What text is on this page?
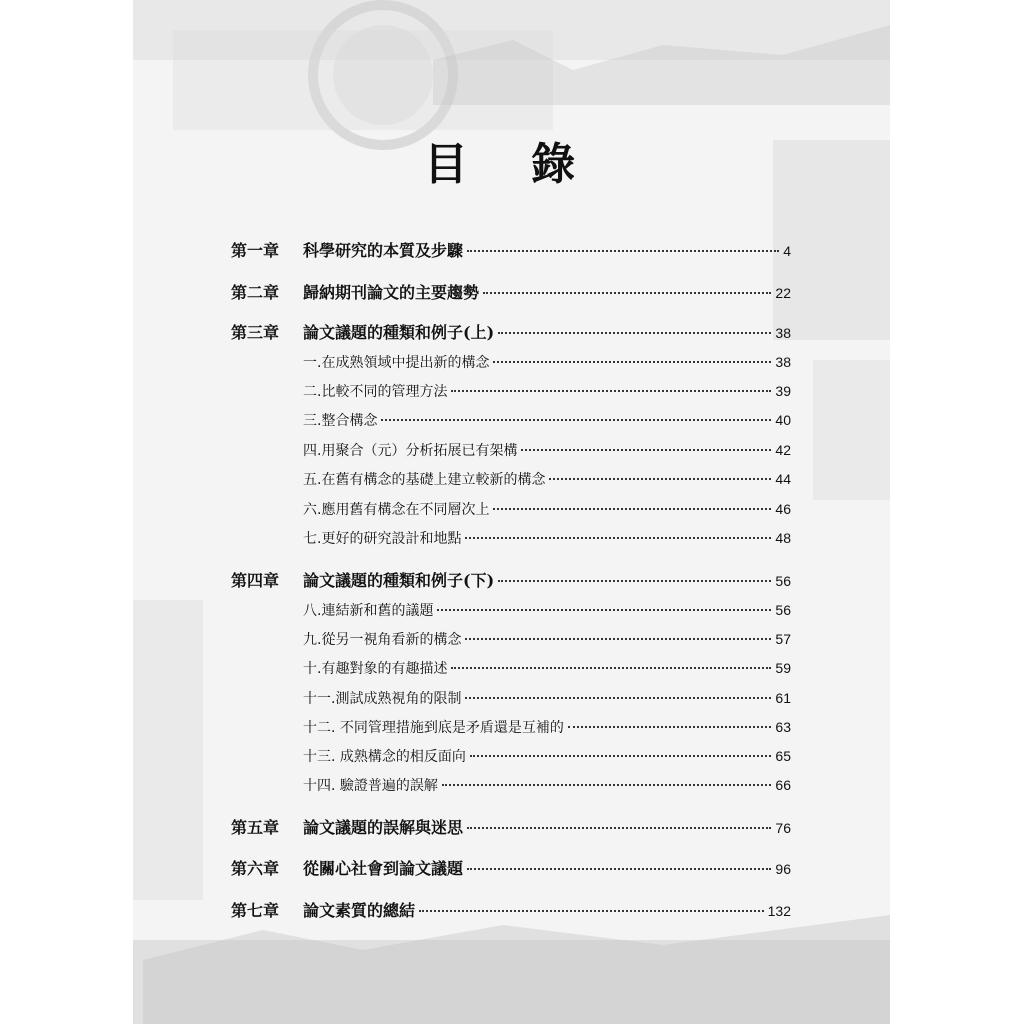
目 錄
第一章	科學研究的本質及步驟	4
第二章	歸納期刊論文的主要趨勢	22
第三章	論文議題的種類和例子(上)	38
一.在成熟領域中提出新的構念	38
二.比較不同的管理方法	39
三.整合構念	40
四.用聚合（元）分析拓展已有架構	42
五.在舊有構念的基礎上建立較新的構念	44
六.應用舊有構念在不同層次上	46
七.更好的研究設計和地點	48
第四章	論文議題的種類和例子(下)	56
八.連結新和舊的議題	56
九.從另一視角看新的構念	57
十.有趣對象的有趣描述	59
十一.測試成熟視角的限制	61
十二. 不同管理措施到底是矛盾還是互補的	63
十三. 成熟構念的相反面向	65
十四. 驗證普遍的誤解	66
第五章	論文議題的誤解與迷思	76
第六章	從關心社會到論文議題	96
第七章	論文素質的總結	132
